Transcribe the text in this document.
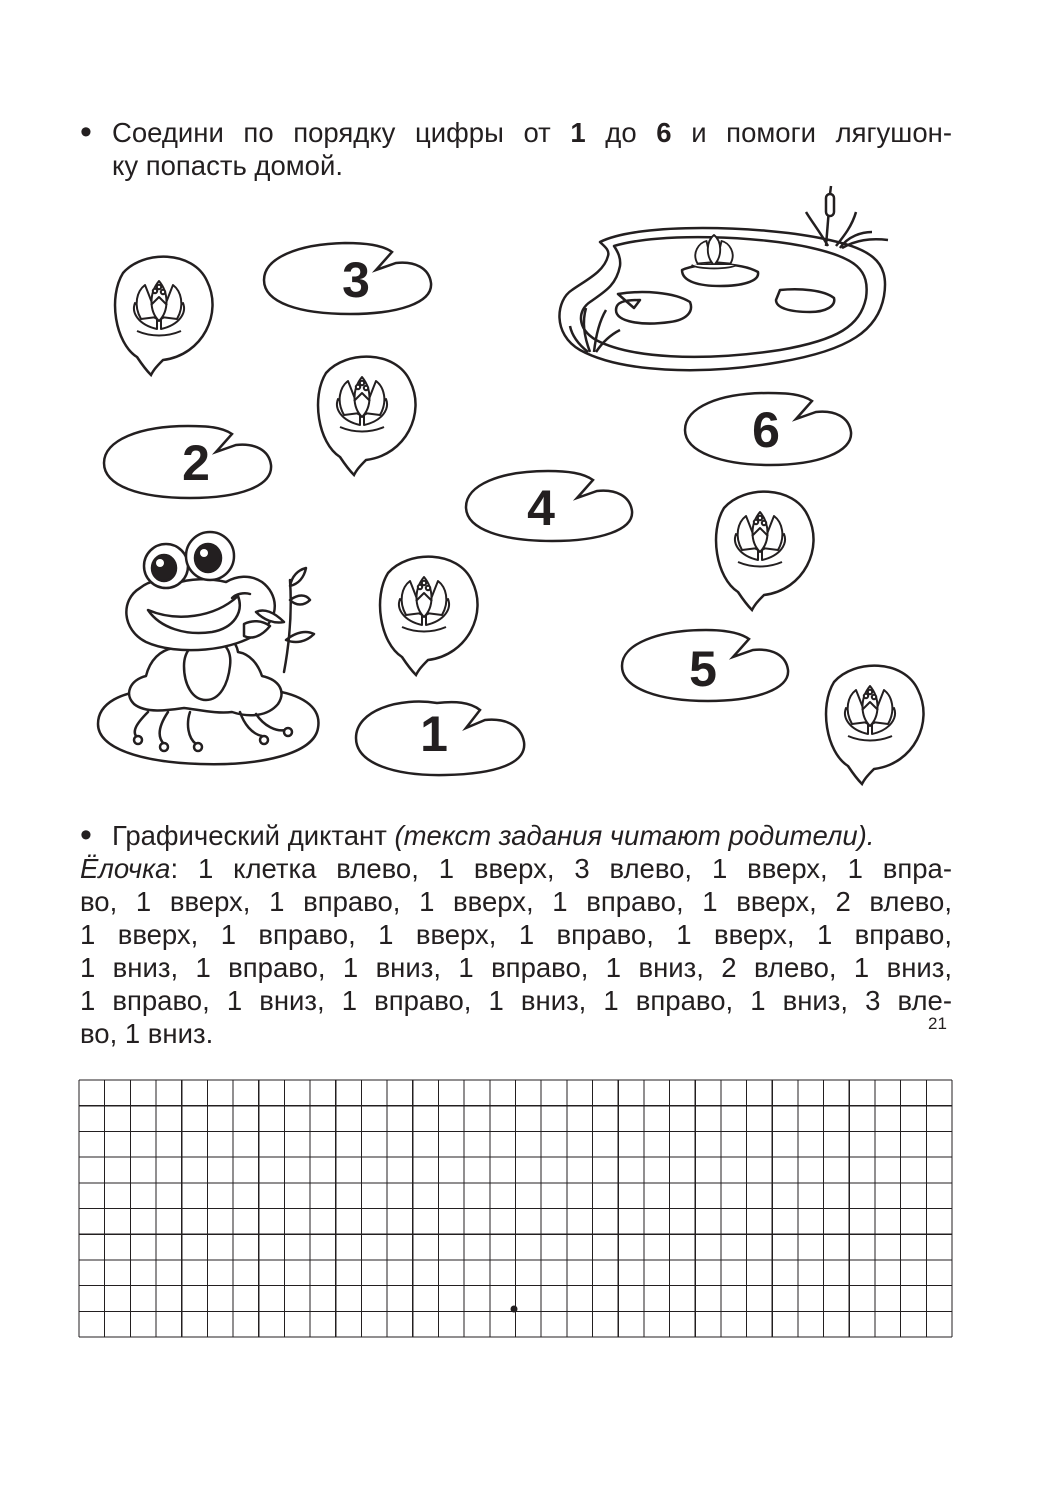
• Соедини по порядку цифры от 1 до 6 и помоги лягушон-
ку попасть домой.
1
2
3
4
5
6
• Графический диктант (текст задания читают родители).
Ёлочка: 1 клетка влево, 1 вверх, 3 влево, 1 вверх, 1 впра-
во, 1 вверх, 1 вправо, 1 вверх, 1 вправо, 1 вверх, 2 влево,
1 вверх, 1 вправо, 1 вверх, 1 вправо, 1 вверх, 1 вправо,
1 вниз, 1 вправо, 1 вниз, 1 вправо, 1 вниз, 2 влево, 1 вниз,
1 вправо, 1 вниз, 1 вправо, 1 вниз, 1 вправо, 1 вниз, 3 вле-
во, 1 вниз.	21
